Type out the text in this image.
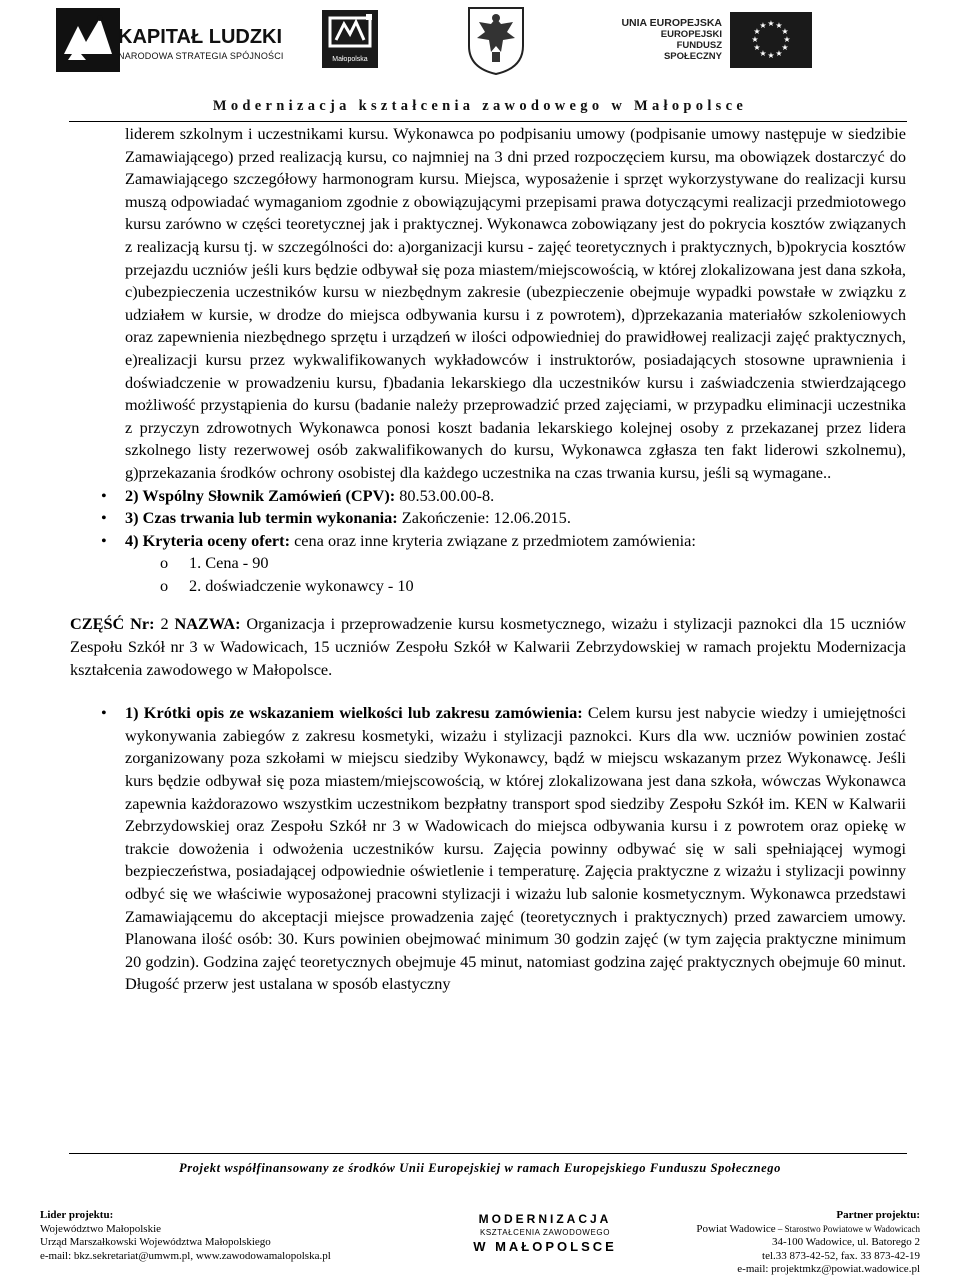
KAPITAŁ LUDZKI
NARODOWA STRATEGIA SPÓJNOŚCI	Małopolska
UNIA EUROPEJSKA
EUROPEJSKI
FUNDUSZ SPOŁECZNY
★ ★
★
★
★
★
★
★
★
★
★
★
Modernizacja kształcenia zawodowego w Małopolsce

liderem szkolnym i uczestnikami kursu. Wykonawca po podpisaniu umowy (podpisanie umowy następuje w siedzibie Zamawiającego) przed realizacją kursu, co najmniej na 3 dni przed rozpoczęciem kursu, ma obowiązek dostarczyć do Zamawiającego szczegółowy harmonogram kursu. Miejsca, wyposażenie i sprzęt wykorzystywane do realizacji kursu muszą odpowiadać wymaganiom zgodnie z obowiązującymi przepisami prawa dotyczącymi realizacji przedmiotowego kursu zarówno w części teoretycznej jak i praktycznej. Wykonawca zobowiązany jest do pokrycia kosztów związanych z realizacją kursu tj. w szczególności do: a)organizacji kursu - zajęć teoretycznych i praktycznych, b)pokrycia kosztów przejazdu uczniów jeśli kurs będzie odbywał się poza miastem/miejscowością, w której zlokalizowana jest dana szkoła, c)ubezpieczenia uczestników kursu w niezbędnym zakresie (ubezpieczenie obejmuje wypadki powstałe w związku z udziałem w kursie, w drodze do miejsca odbywania kursu i z powrotem), d)przekazania materiałów szkoleniowych oraz zapewnienia niezbędnego sprzętu i urządzeń w ilości odpowiedniej do prawidłowej realizacji zajęć praktycznych, e)realizacji kursu przez wykwalifikowanych wykładowców i instruktorów, posiadających stosowne uprawnienia i doświadczenie w prowadzeniu kursu, f)badania lekarskiego dla uczestników kursu i zaświadczenia stwierdzającego możliwość przystąpienia do kursu (badanie należy przeprowadzić przed zajęciami, w przypadku eliminacji uczestnika z przyczyn zdrowotnych Wykonawca ponosi koszt badania lekarskiego kolejnej osoby z przekazanej przez lidera szkolnego listy rezerwowej osób zakwalifikowanych do kursu, Wykonawca zgłasza ten fakt liderowi szkolnemu), g)przekazania środków ochrony osobistej dla każdego uczestnika na czas trwania kursu, jeśli są wymagane..

• 2) Wspólny Słownik Zamówień (CPV): 80.53.00.00-8.
• 3) Czas trwania lub termin wykonania: Zakończenie: 12.06.2015.
• 4) Kryteria oceny ofert: cena oraz inne kryteria związane z przedmiotem zamówienia:
o 1. Cena - 90
o 2. doświadczenie wykonawcy - 10

CZĘŚĆ Nr: 2 NAZWA: Organizacja i przeprowadzenie kursu kosmetycznego, wizażu i stylizacji paznokci dla 15 uczniów Zespołu Szkół nr 3 w Wadowicach, 15 uczniów Zespołu Szkół w Kalwarii Zebrzydowskiej w ramach projektu Modernizacja kształcenia zawodowego w Małopolsce.

• 1) Krótki opis ze wskazaniem wielkości lub zakresu zamówienia: Celem kursu jest nabycie wiedzy i umiejętności wykonywania zabiegów z zakresu kosmetyki, wizażu i stylizacji paznokci. Kurs dla ww. uczniów powinien zostać zorganizowany poza szkołami w miejscu siedziby Wykonawcy, bądź w miejscu wskazanym przez Wykonawcę. Jeśli kurs będzie odbywał się poza miastem/miejscowością, w której zlokalizowana jest dana szkoła, wówczas Wykonawca zapewnia każdorazowo wszystkim uczestnikom bezpłatny transport spod siedziby Zespołu Szkół im. KEN w Kalwarii Zebrzydowskiej oraz Zespołu Szkół nr 3 w Wadowicach do miejsca odbywania kursu i z powrotem oraz opiekę w trakcie dowożenia i odwożenia uczestników kursu. Zajęcia powinny odbywać się w sali spełniającej wymogi bezpieczeństwa, posiadającej odpowiednie oświetlenie i temperaturę. Zajęcia praktyczne z wizażu i stylizacji powinny odbyć się we właściwie wyposażonej pracowni stylizacji i wizażu lub salonie kosmetycznym. Wykonawca przedstawi Zamawiającemu do akceptacji miejsce prowadzenia zajęć (teoretycznych i praktycznych) przed zawarciem umowy. Planowana ilość osób: 30. Kurs powinien obejmować minimum 30 godzin zajęć (w tym zajęcia praktyczne minimum 20 godzin). Godzina zajęć teoretycznych obejmuje 45 minut, natomiast godzina zajęć praktycznych obejmuje 60 minut. Długość przerw jest ustalana w sposób elastyczny
Projekt współfinansowany ze środków Unii Europejskiej w ramach Europejskiego Funduszu Społecznego
Lider projektu:
Województwo Małopolskie
Urząd Marszałkowski Województwa Małopolskiego
e-mail: bkz.sekretariat@umwm.pl, www.zawodowamalopolska.pl
MODERNIZACJA
KSZTAŁCENIA ZAWODOWEGO
W MAŁOPOLSCE
Partner projektu:
Powiat Wadowice – Starostwo Powiatowe w Wadowicach
34-100 Wadowice, ul. Batorego 2
tel.33 873-42-52, fax. 33 873-42-19
e-mail: projektmkz@powiat.wadowice.pl
